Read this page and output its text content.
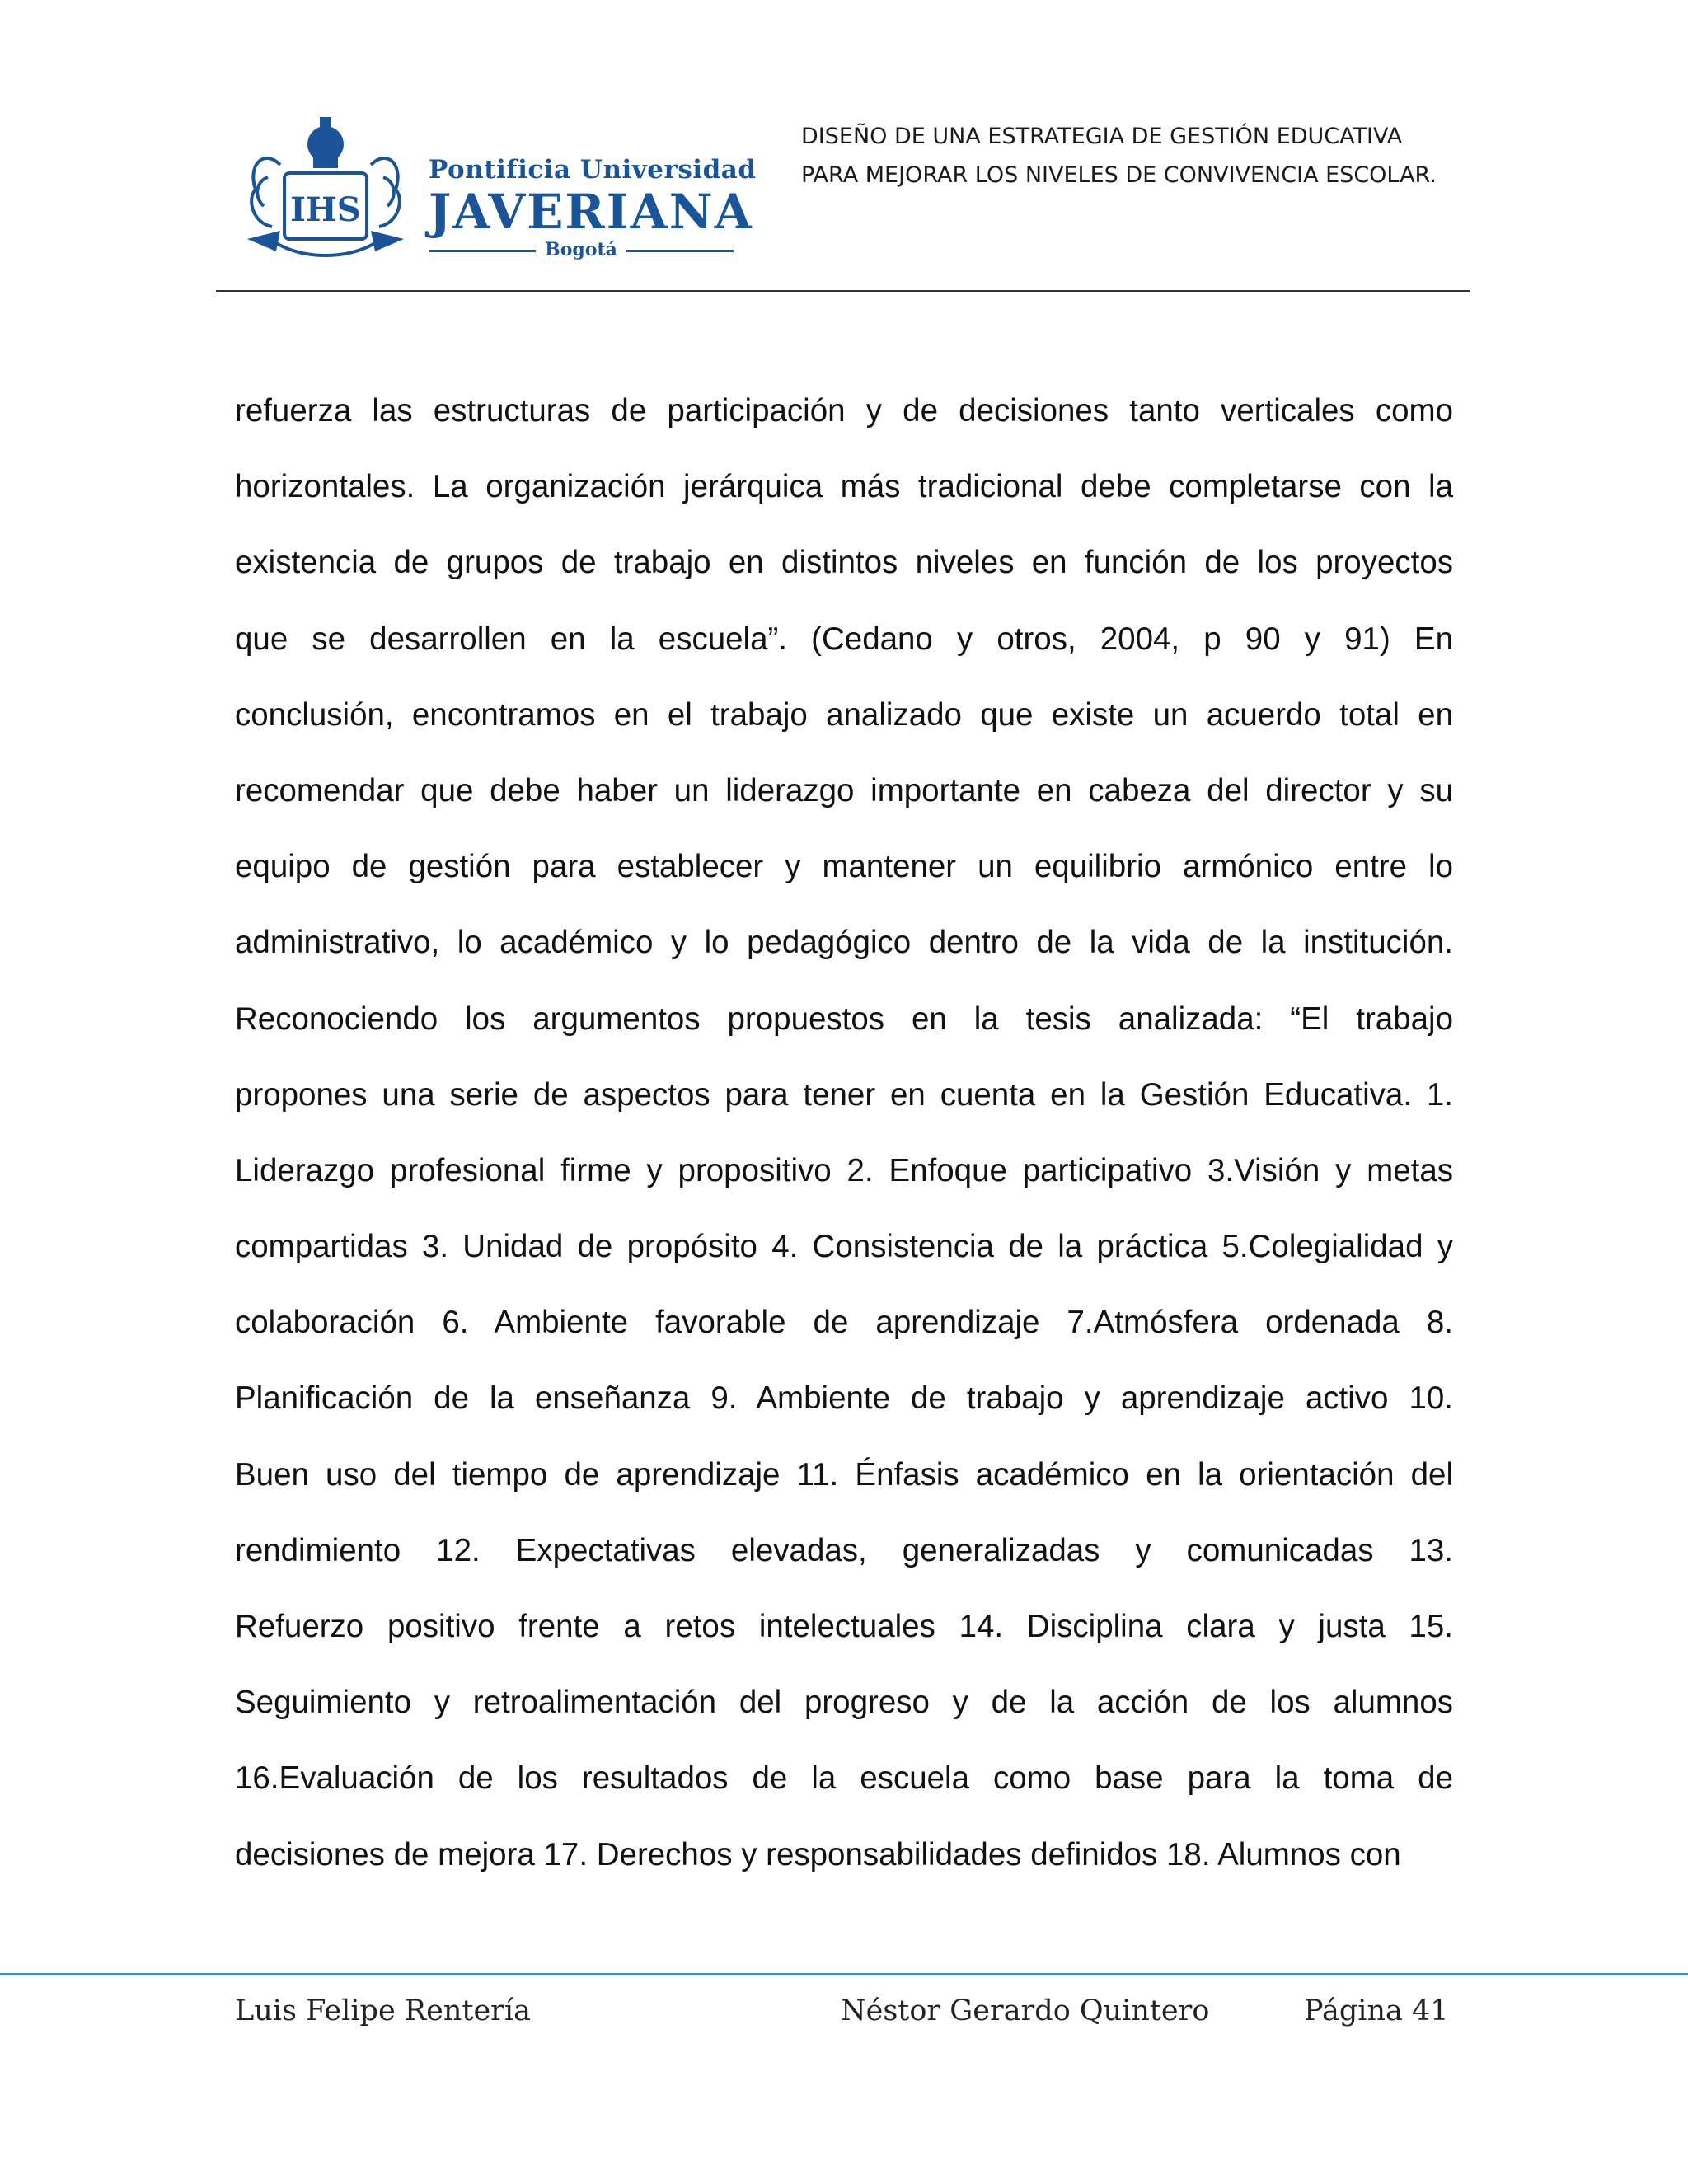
IHS
Pontificia Universidad
JAVERIANA
Bogotá
DISEÑO DE UNA ESTRATEGIA DE GESTIÓN EDUCATIVA
PARA MEJORAR LOS NIVELES DE CONVIVENCIA ESCOLAR.
refuerza las estructuras de participación y de decisiones tanto verticales como
horizontales. La organización jerárquica más tradicional debe completarse con la
existencia de grupos de trabajo en distintos niveles en función de los proyectos
que se desarrollen en la escuela”. (Cedano y otros, 2004, p 90 y 91) En
conclusión, encontramos en el trabajo analizado que existe un acuerdo total en
recomendar que debe haber un liderazgo importante en cabeza del director y su
equipo de gestión para establecer y mantener un equilibrio armónico entre lo
administrativo, lo académico y lo pedagógico dentro de la vida de la institución.
Reconociendo los argumentos propuestos en la tesis analizada: “El trabajo
propones una serie de aspectos para tener en cuenta en la Gestión Educativa. 1.
Liderazgo profesional firme y propositivo 2. Enfoque participativo 3.Visión y metas
compartidas 3. Unidad de propósito 4. Consistencia de la práctica 5.Colegialidad y
colaboración 6. Ambiente favorable de aprendizaje 7.Atmósfera ordenada 8.
Planificación de la enseñanza 9. Ambiente de trabajo y aprendizaje activo 10.
Buen uso del tiempo de aprendizaje 11. Énfasis académico en la orientación del
rendimiento 12. Expectativas elevadas, generalizadas y comunicadas 13.
Refuerzo positivo frente a retos intelectuales 14. Disciplina clara y justa 15.
Seguimiento y retroalimentación del progreso y de la acción de los alumnos
16.Evaluación de los resultados de la escuela como base para la toma de
decisiones de mejora 17. Derechos y responsabilidades definidos 18. Alumnos con
Luis Felipe Rentería	Néstor Gerardo Quintero	Página 41
